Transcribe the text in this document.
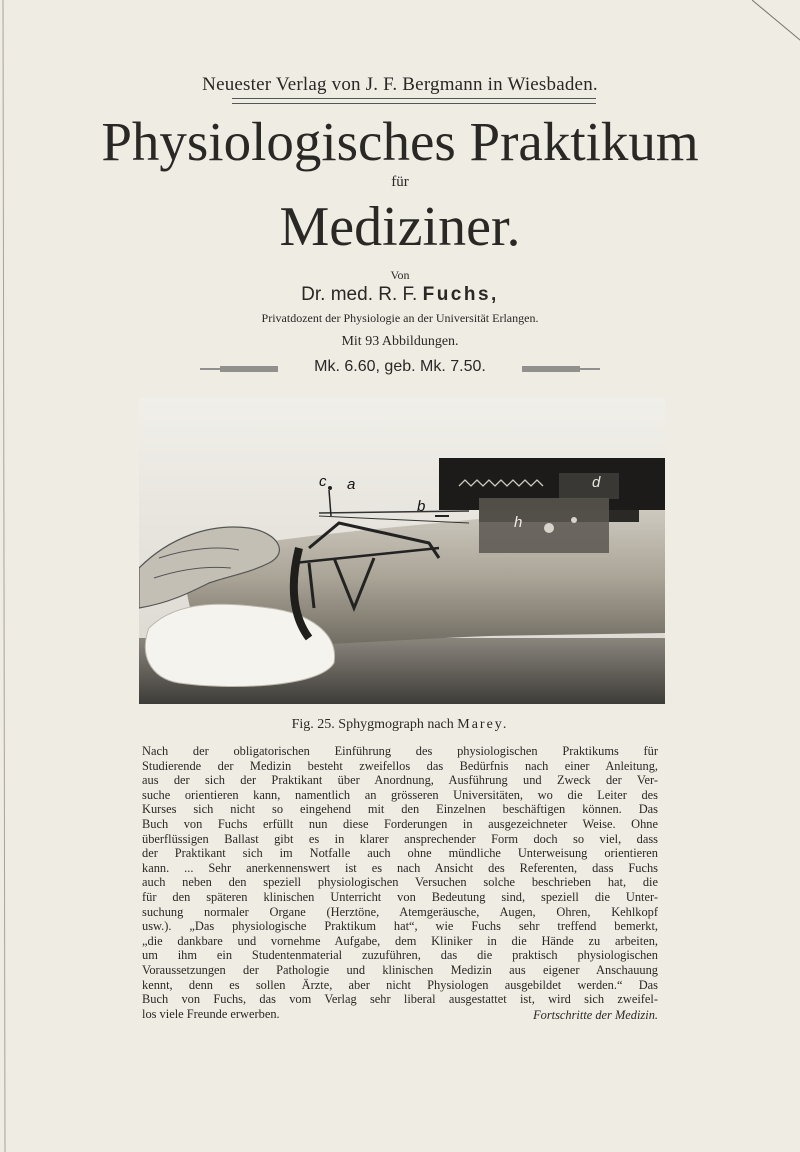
Neuester Verlag von J. F. Bergmann in Wiesbaden.
Physiologisches Praktikum
für
Mediziner.
Von
Dr. med. R. F. Fuchs,
Privatdozent der Physiologie an der Universität Erlangen.
Mit 93 Abbildungen.
Mk. 6.60, geb. Mk. 7.50.
c a
b
d
h
Fig. 25. Sphygmograph nach Marey.
Nach der obligatorischen Einführung des physiologischen Praktikums für
Studierende der Medizin besteht zweifellos das Bedürfnis nach einer Anleitung,
aus der sich der Praktikant über Anordnung, Ausführung und Zweck der Ver-
suche orientieren kann, namentlich an grösseren Universitäten, wo die Leiter des
Kurses sich nicht so eingehend mit den Einzelnen beschäftigen können. Das
Buch von Fuchs erfüllt nun diese Forderungen in ausgezeichneter Weise. Ohne
überflüssigen Ballast gibt es in klarer ansprechender Form doch so viel, dass
der Praktikant sich im Notfalle auch ohne mündliche Unterweisung orientieren
kann. ... Sehr anerkennenswert ist es nach Ansicht des Referenten, dass Fuchs
auch neben den speziell physiologischen Versuchen solche beschrieben hat, die
für den späteren klinischen Unterricht von Bedeutung sind, speziell die Unter-
suchung normaler Organe (Herztöne, Atemgeräusche, Augen, Ohren, Kehlkopf
usw.). „Das physiologische Praktikum hat“, wie Fuchs sehr treffend bemerkt,
„die dankbare und vornehme Aufgabe, dem Kliniker in die Hände zu arbeiten,
um ihm ein Studentenmaterial zuzuführen, das die praktisch physiologischen
Voraussetzungen der Pathologie und klinischen Medizin aus eigener Anschauung
kennt, denn es sollen Ärzte, aber nicht Physiologen ausgebildet werden.“ Das
Buch von Fuchs, das vom Verlag sehr liberal ausgestattet ist, wird sich zweifel-
los viele Freunde erwerben.	Fortschritte der Medizin.
